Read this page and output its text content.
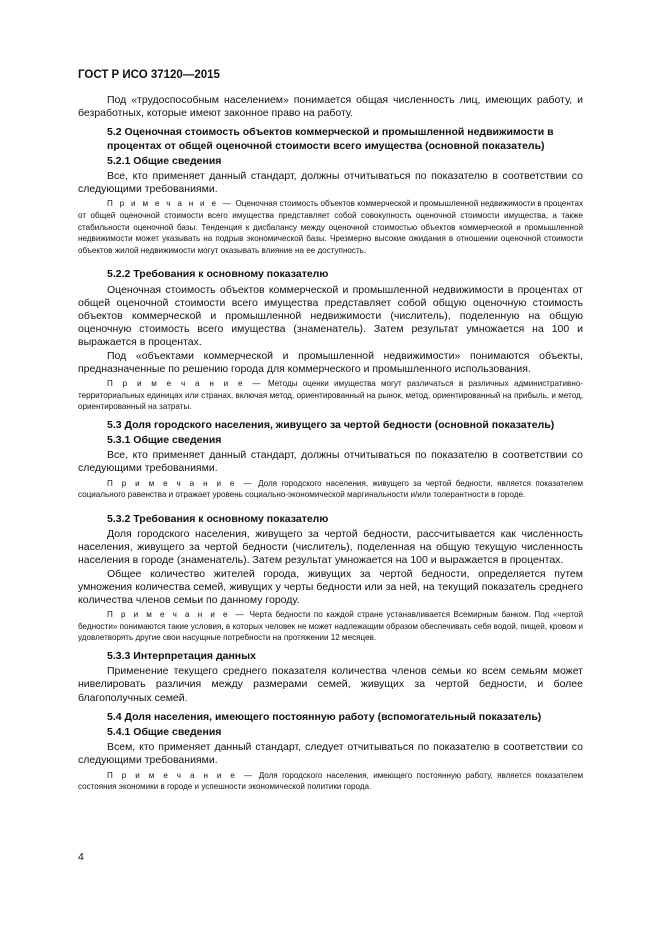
ГОСТ Р ИСО 37120—2015

Под «трудоспособным населением» понимается общая численность лиц, имеющих работу, и безработных, которые имеют законное право на работу.

5.2 Оценочная стоимость объектов коммерческой и промышленной недвижимости в процентах от общей оценочной стоимости всего имущества (основной показатель)
5.2.1 Общие сведения

Все, кто применяет данный стандарт, должны отчитываться по показателю в соответствии со следующими требованиями.

П р и м е ч а н и е — Оценочная стоимость объектов коммерческой и промышленной недвижимости в процентах от общей оценочной стоимости всего имущества представляет собой совокупность оценочной стоимости имущества, а также стабильности оценочной базы. Тенденция к дисбалансу между оценочной стоимостью объектов коммерческой и промышленной недвижимости может указывать на подрыв экономической базы. Чрезмерно высокие ожидания в отношении оценочной стоимости объектов жилой недвижимости могут оказывать влияние на ее доступность.

5.2.2 Требования к основному показателю

Оценочная стоимость объектов коммерческой и промышленной недвижимости в процентах от общей оценочной стоимости всего имущества представляет собой общую оценочную стоимость объектов коммерческой и промышленной недвижимости (числитель), поделенную на общую оценочную стоимость всего имущества (знаменатель). Затем результат умножается на 100 и выражается в процентах.

Под «объектами коммерческой и промышленной недвижимости» понимаются объекты, предназначенные по решению города для коммерческого и промышленного использования.

П р и м е ч а н и е — Методы оценки имущества могут различаться в различных административно-территориальных единицах или странах, включая метод, ориентированный на рынок, метод, ориентированный на прибыль, и метод, ориентированный на затраты.

5.3 Доля городского населения, живущего за чертой бедности (основной показатель)
5.3.1 Общие сведения

Все, кто применяет данный стандарт, должны отчитываться по показателю в соответствии со следующими требованиями.

П р и м е ч а н и е — Доля городского населения, живущего за чертой бедности, является показателем социального равенства и отражает уровень социально-экономической маргинальности и/или толерантности в городе.

5.3.2 Требования к основному показателю

Доля городского населения, живущего за чертой бедности, рассчитывается как численность населения, живущего за чертой бедности (числитель), поделенная на общую текущую численность населения в городе (знаменатель). Затем результат умножается на 100 и выражается в процентах.

Общее количество жителей города, живущих за чертой бедности, определяется путем умножения количества семей, живущих у черты бедности или за ней, на текущий показатель среднего количества членов семьи по данному городу.

П р и м е ч а н и е — Черта бедности по каждой стране устанавливается Всемирным банком. Под «чертой бедности» понимаются такие условия, в которых человек не может надлежащим образом обеспечивать себя водой, пищей, кровом и удовлетворять другие свои насущные потребности на протяжении 12 месяцев.

5.3.3 Интерпретация данных

Применение текущего среднего показателя количества членов семьи ко всем семьям может нивелировать различия между размерами семей, живущих за чертой бедности, и более благополучных семей.

5.4 Доля населения, имеющего постоянную работу (вспомогательный показатель)
5.4.1 Общие сведения

Всем, кто применяет данный стандарт, следует отчитываться по показателю в соответствии со следующими требованиями.

П р и м е ч а н и е — Доля городского населения, имеющего постоянную работу, является показателем состояния экономики в городе и успешности экономической политики города.

4
